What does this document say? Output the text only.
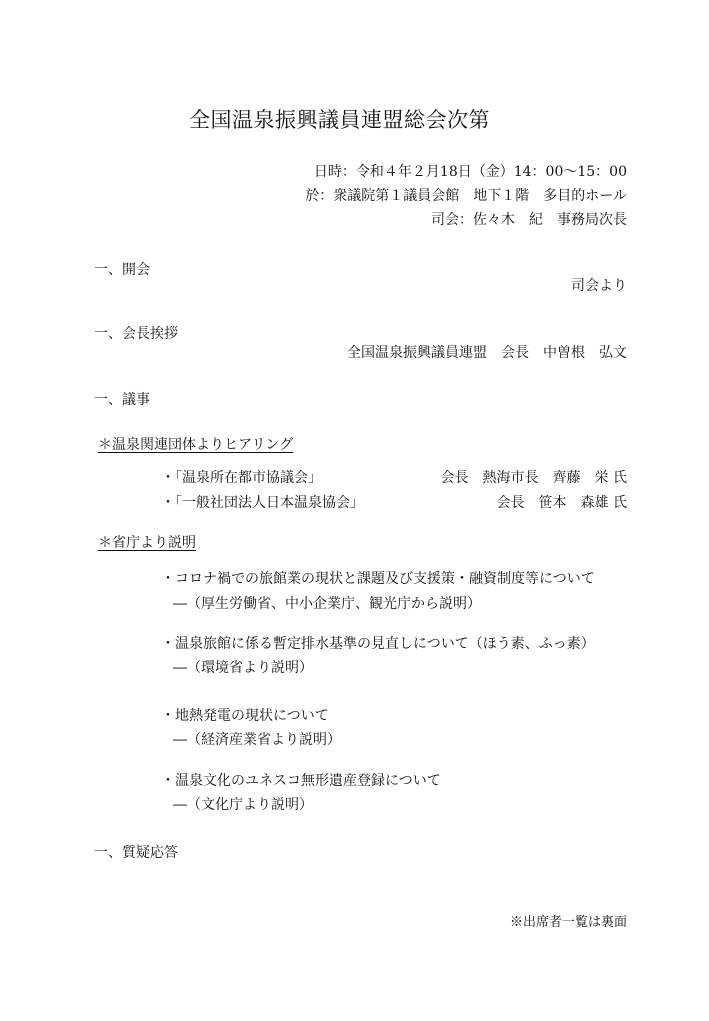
全国温泉振興議員連盟総会次第
日時：令和４年２月18日（金）14：00～15：00
於：衆議院第１議員会館　地下１階　多目的ホール
司会：佐々木　紀　事務局次長
一、開会
司会より
一、会長挨拶
全国温泉振興議員連盟　会長　中曽根　弘文
一、議事
＊温泉関連団体よりヒアリング
・「温泉所在都市協議会」	会長　熱海市長　齊藤　栄 氏
・「一般社団法人日本温泉協会」	会長　笹本　森雄 氏
＊省庁より説明
・コロナ禍での旅館業の現状と課題及び支援策・融資制度等について
―（厚生労働省、中小企業庁、観光庁から説明）
・温泉旅館に係る暫定排水基準の見直しについて（ほう素、ふっ素）
―（環境省より説明）
・地熱発電の現状について
―（経済産業省より説明）
・温泉文化のユネスコ無形遺産登録について
―（文化庁より説明）
一、質疑応答
※出席者一覧は裏面
